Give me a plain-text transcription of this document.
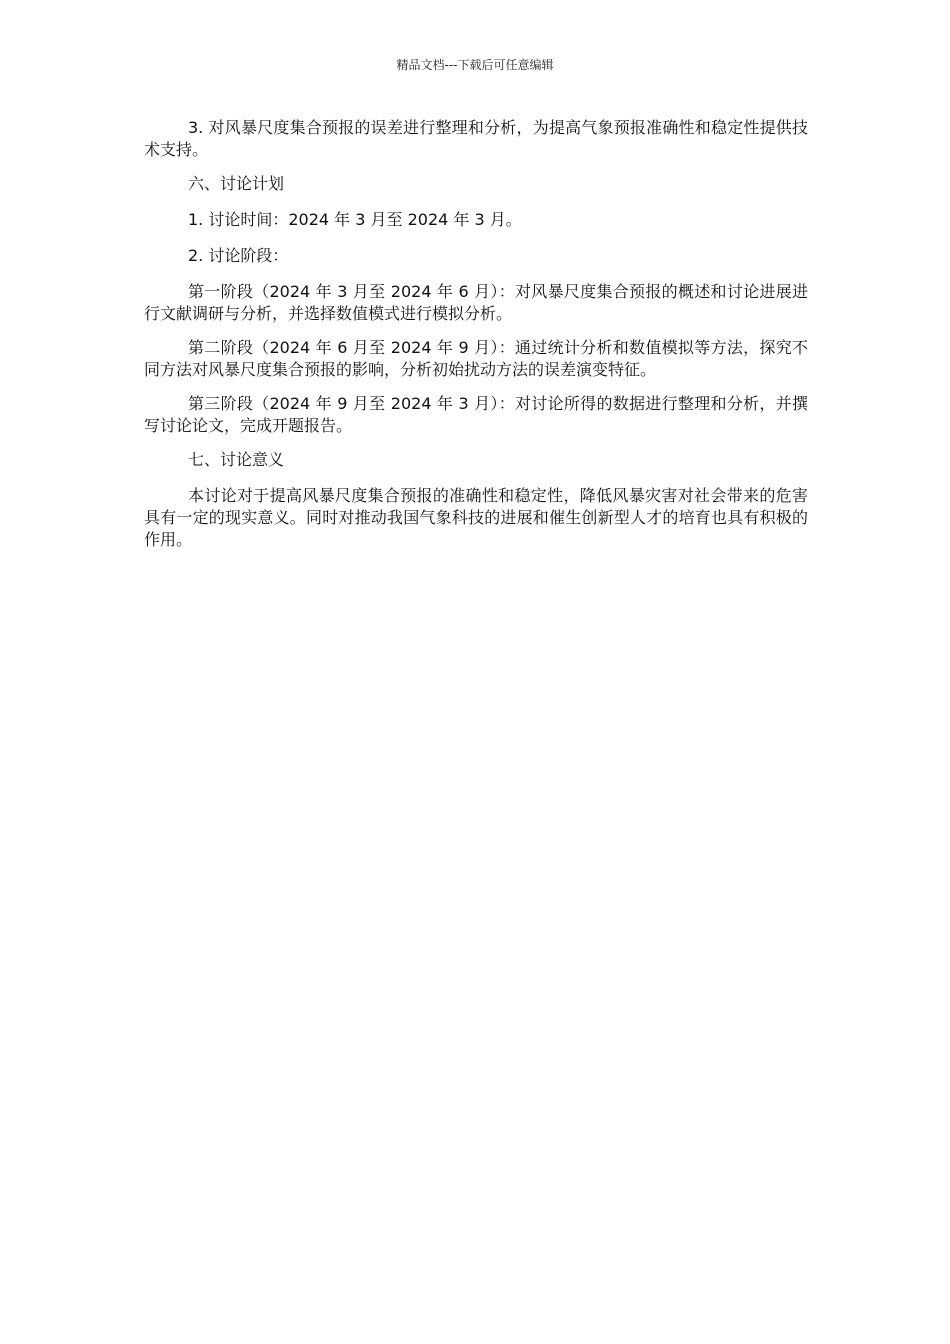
精品文档---下载后可任意编辑

3. 对风暴尺度集合预报的误差进行整理和分析，为提高气象预报准确性和稳定性提供技术支持。

六、讨论计划

1. 讨论时间：2024 年 3 月至 2024 年 3 月。

2. 讨论阶段：

第一阶段（2024 年 3 月至 2024 年 6 月）：对风暴尺度集合预报的概述和讨论进展进行文献调研与分析，并选择数值模式进行模拟分析。

第二阶段（2024 年 6 月至 2024 年 9 月）：通过统计分析和数值模拟等方法，探究不同方法对风暴尺度集合预报的影响，分析初始扰动方法的误差演变特征。

第三阶段（2024 年 9 月至 2024 年 3 月）：对讨论所得的数据进行整理和分析，并撰写讨论论文，完成开题报告。

七、讨论意义

本讨论对于提高风暴尺度集合预报的准确性和稳定性，降低风暴灾害对社会带来的危害具有一定的现实意义。同时对推动我国气象科技的进展和催生创新型人才的培育也具有积极的作用。
